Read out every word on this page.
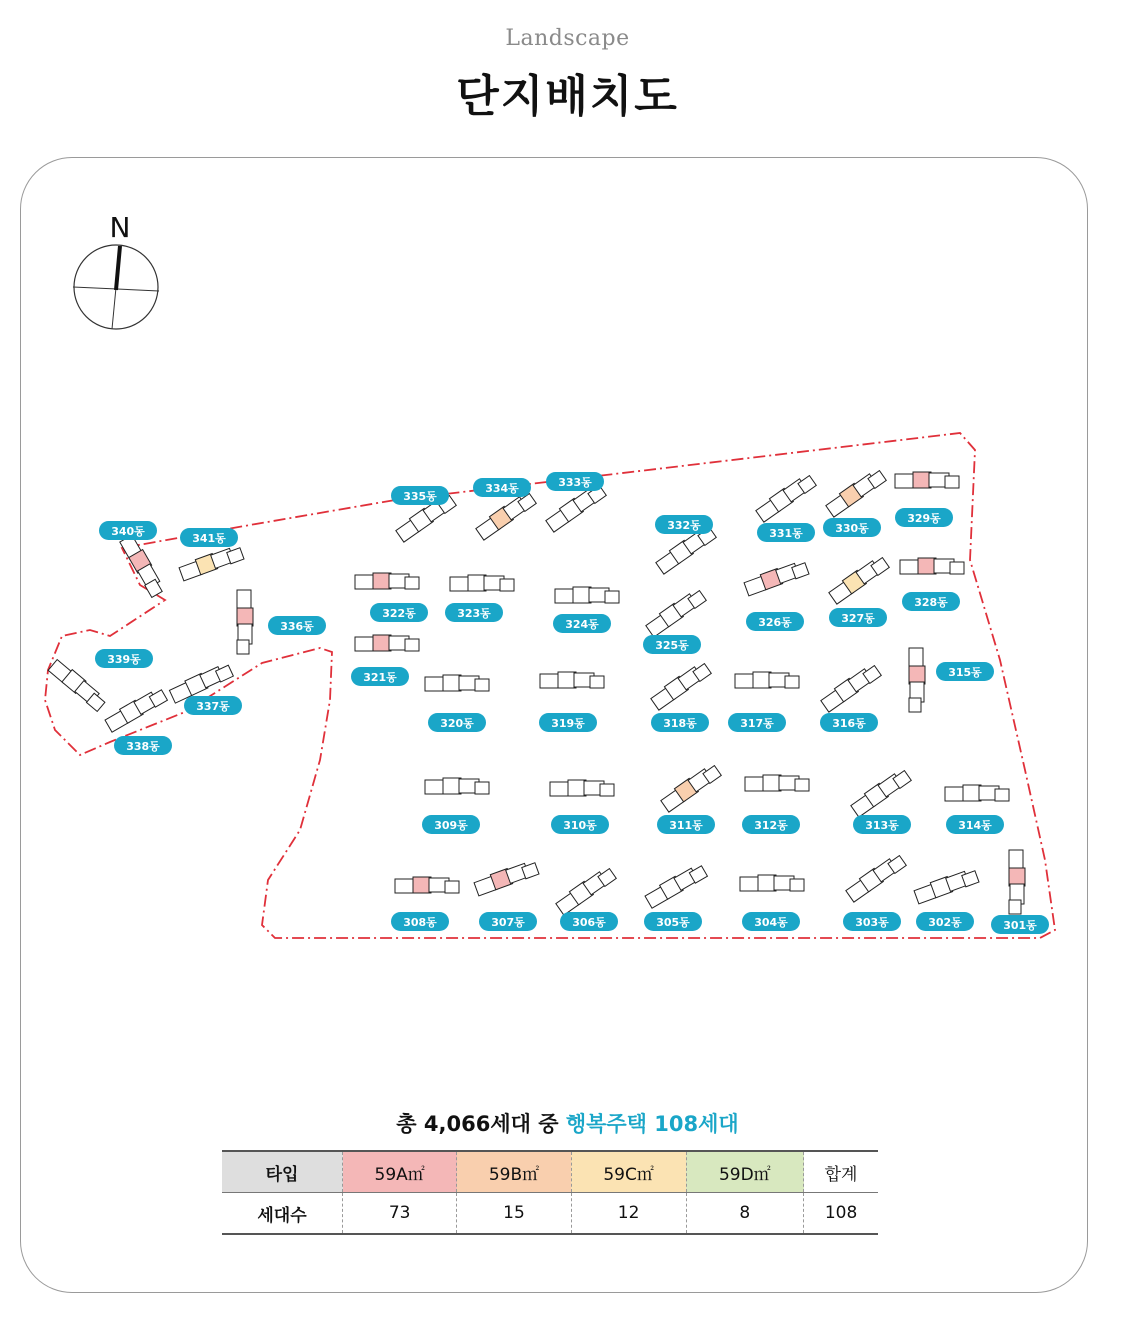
Landscape
단지배치도
N
340동
341동
336동
339동
337동
338동
335동
334동	333동
332동
331동	330동
329동
322동	323동
324동
325동
326동	327동
328동
321동
320동	319동	318동	317동	316동
315동
309동	310동	311동	312동	313동	314동
308동	307동	306동	305동	304동	303동	302동	301동
총 4,066세대 중 행복주택 108세대
타입	59A㎡	59B㎡	59C㎡	59D㎡	합계
세대수	73	15	12	8	108
